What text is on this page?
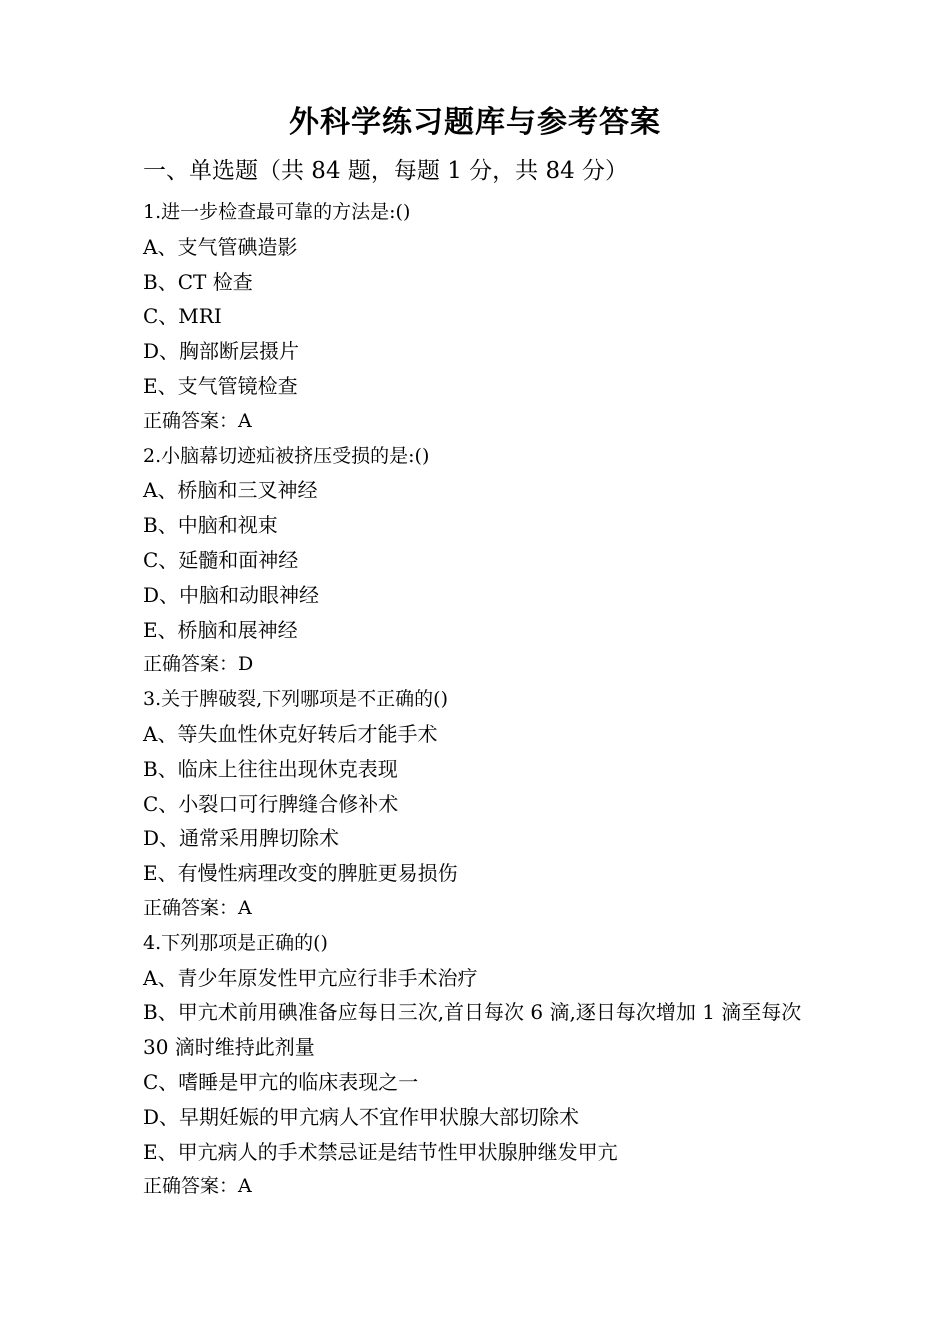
外科学练习题库与参考答案
一、单选题（共 84 题，每题 1 分，共 84 分）
1.进一步检查最可靠的方法是:()
A、支气管碘造影
B、CT 检查
C、MRI
D、胸部断层摄片
E、支气管镜检查
正确答案：A
2.小脑幕切迹疝被挤压受损的是:()
A、桥脑和三叉神经
B、中脑和视束
C、延髓和面神经
D、中脑和动眼神经
E、桥脑和展神经
正确答案：D
3.关于脾破裂,下列哪项是不正确的()
A、等失血性休克好转后才能手术
B、临床上往往出现休克表现
C、小裂口可行脾缝合修补术
D、通常采用脾切除术
E、有慢性病理改变的脾脏更易损伤
正确答案：A
4.下列那项是正确的()
A、青少年原发性甲亢应行非手术治疗
B、甲亢术前用碘准备应每日三次,首日每次 6 滴,逐日每次增加 1 滴至每次 30 滴时维持此剂量
C、嗜睡是甲亢的临床表现之一
D、早期妊娠的甲亢病人不宜作甲状腺大部切除术
E、甲亢病人的手术禁忌证是结节性甲状腺肿继发甲亢
正确答案：A
